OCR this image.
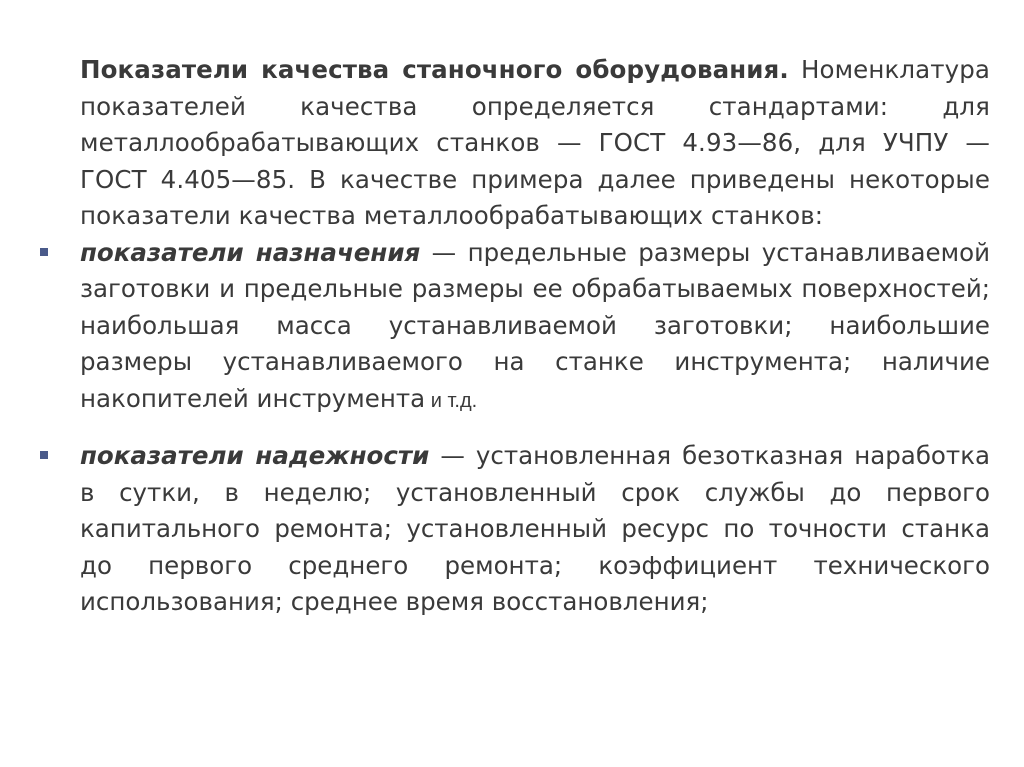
Показатели качества станочного оборудования. Номенклатура показателей качества определяется стандартами: для металлообрабатывающих станков — ГОСТ 4.93—86, для УЧПУ — ГОСТ 4.405—85. В качестве примера далее приведены некоторые показатели качества металлообрабатывающих станков:

показатели назначения — предельные размеры устанавливаемой заготовки и предельные размеры ее обрабатываемых поверхностей; наибольшая масса устанавливаемой заготовки; наибольшие размеры устанавливаемого на станке инструмента; наличие накопителей инструмента и т.д.
показатели надежности — установленная безотказная наработка в сутки, в неделю; установленный срок службы до первого капитального ремонта; установленный ресурс по точности станка до первого среднего ремонта; коэффициент технического использования; среднее время восстановления;
